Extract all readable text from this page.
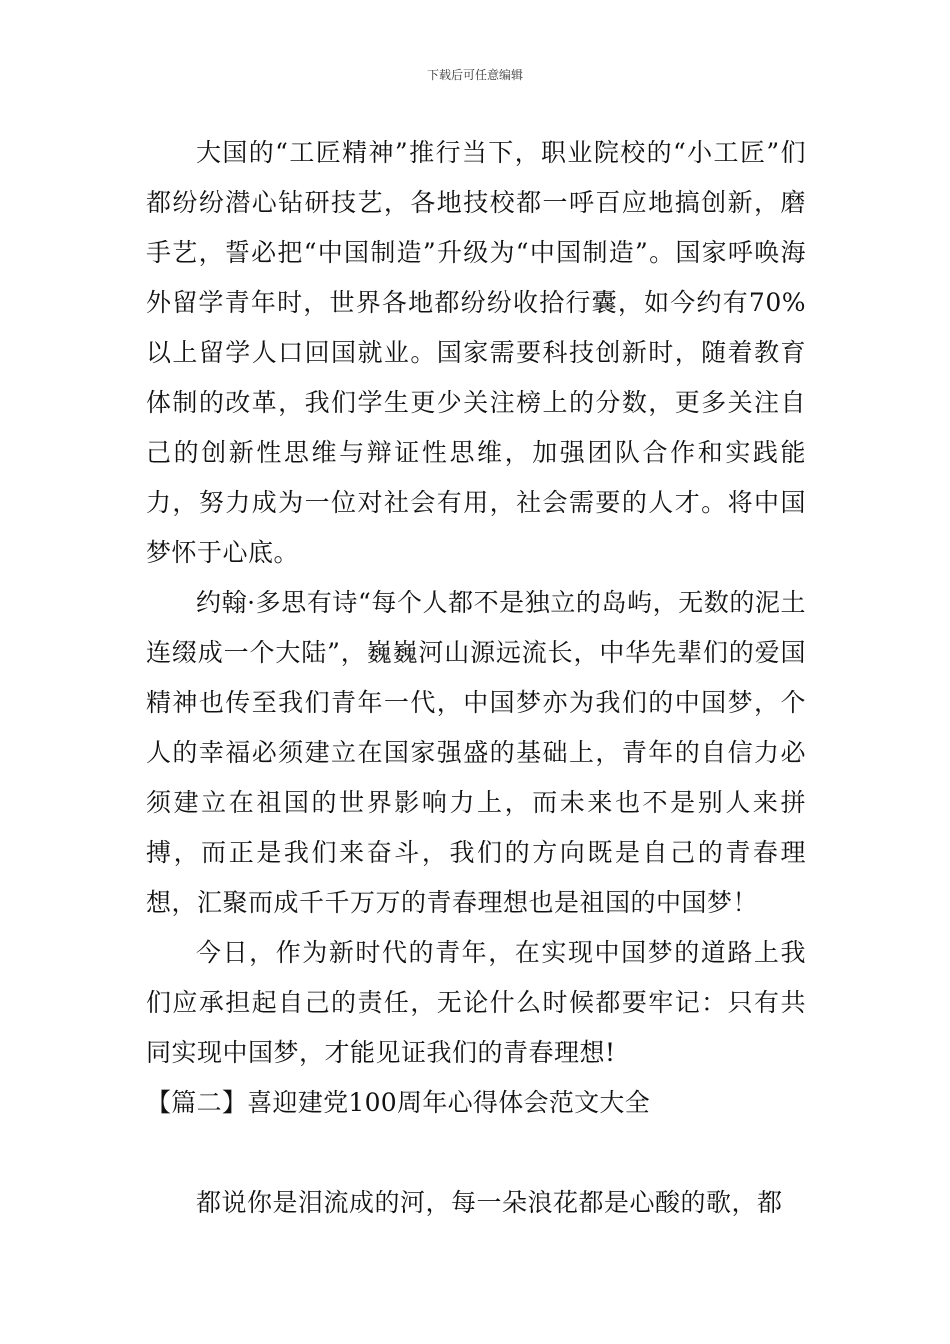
下载后可任意编辑

大国的“工匠精神”推行当下，职业院校的“小工匠”们都纷纷潜心钻研技艺，各地技校都一呼百应地搞创新，磨手艺，誓必把“中国制造”升级为“中国制造”。国家呼唤海外留学青年时，世界各地都纷纷收拾行囊，如今约有70%以上留学人口回国就业。国家需要科技创新时，随着教育体制的改革，我们学生更少关注榜上的分数，更多关注自己的创新性思维与辩证性思维，加强团队合作和实践能力，努力成为一位对社会有用，社会需要的人才。将中国梦怀于心底。

约翰·多思有诗“每个人都不是独立的岛屿，无数的泥土连缀成一个大陆”，巍巍河山源远流长，中华先辈们的爱国精神也传至我们青年一代，中国梦亦为我们的中国梦，个人的幸福必须建立在国家强盛的基础上，青年的自信力必须建立在祖国的世界影响力上，而未来也不是别人来拼搏，而正是我们来奋斗，我们的方向既是自己的青春理想，汇聚而成千千万万的青春理想也是祖国的中国梦！

今日，作为新时代的青年，在实现中国梦的道路上我们应承担起自己的责任，无论什么时候都要牢记：只有共同实现中国梦，才能见证我们的青春理想!

【篇二】喜迎建党100周年心得体会范文大全

都说你是泪流成的河，每一朵浪花都是心酸的歌，都
